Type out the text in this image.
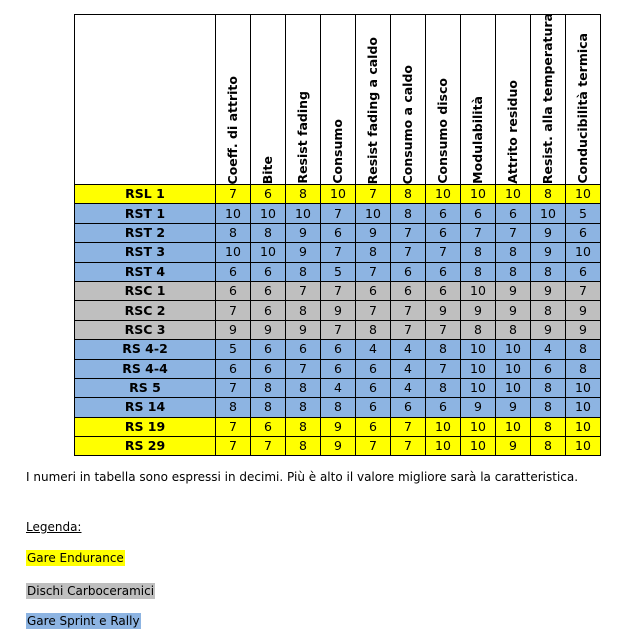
	Coeff. di attrito	Bite	Resist fading	Consumo	Resist fading a caldo	Consumo a caldo	Consumo disco	Modulabilità	Attrito residuo	Resist. alla temperatura	Conducibilità termica

RSL 1	7	6	8	10	7	8	10	10	10	8	10
RST 1	10	10	10	7	10	8	6	6	6	10	5
RST 2	8	8	9	6	9	7	6	7	7	9	6
RST 3	10	10	9	7	8	7	7	8	8	9	10
RST 4	6	6	8	5	7	6	6	8	8	8	6
RSC 1	6	6	7	7	6	6	6	10	9	9	7
RSC 2	7	6	8	9	7	7	9	9	9	8	9
RSC 3	9	9	9	7	8	7	7	8	8	9	9
RS 4-2	5	6	6	6	4	4	8	10	10	4	8
RS 4-4	6	6	7	6	6	4	7	10	10	6	8
RS 5	7	8	8	4	6	4	8	10	10	8	10
RS 14	8	8	8	8	6	6	6	9	9	8	10
RS 19	7	6	8	9	6	7	10	10	10	8	10
RS 29	7	7	8	9	7	7	10	10	9	8	10
I numeri in tabella sono espressi in decimi. Più è alto il valore migliore sarà la caratteristica.
Legenda:
Gare Endurance
Dischi Carboceramici
Gare Sprint e Rally
